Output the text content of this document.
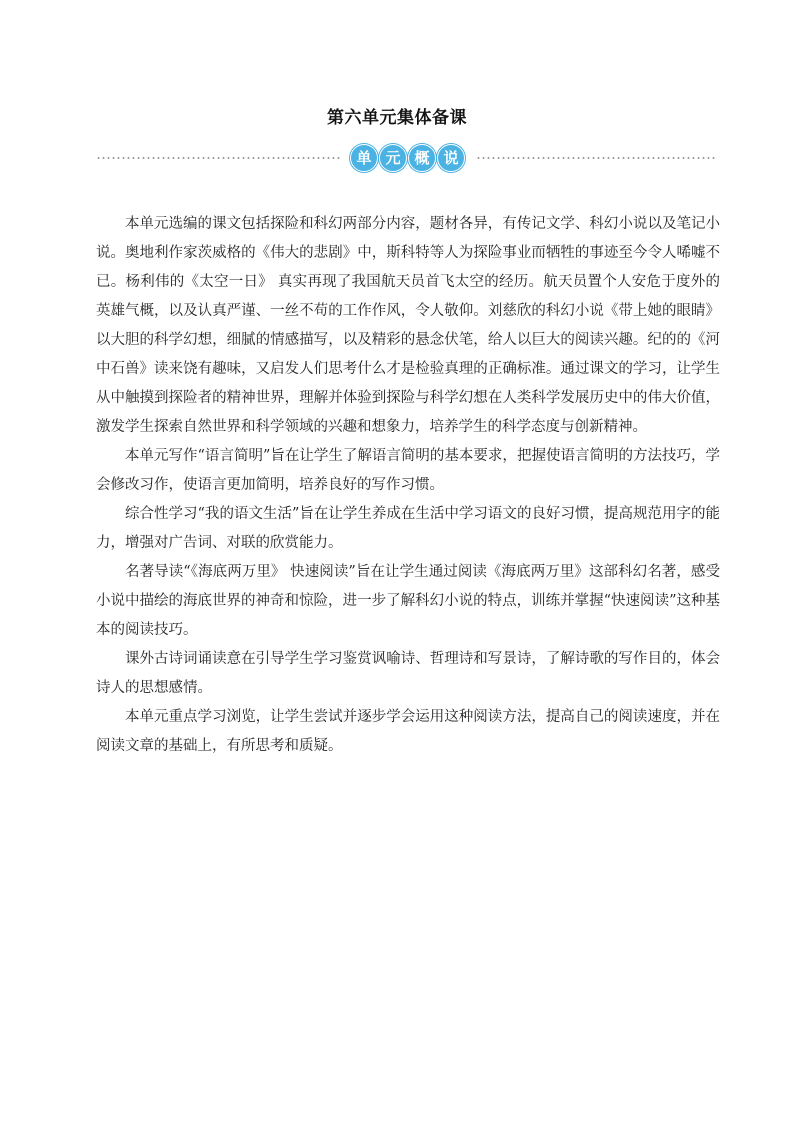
第六单元集体备课
单 元 概 说

本单元选编的课文包括探险和科幻两部分内容，题材各异，有传记文学、科幻小说以及笔记小说。奥地利作家茨威格的《伟大的悲剧》中，斯科特等人为探险事业而牺牲的事迹至今令人唏嘘不已。杨利伟的《太空一日》 真实再现了我国航天员首飞太空的经历。航天员置个人安危于度外的英雄气概，以及认真严谨、一丝不苟的工作作风，令人敬仰。刘慈欣的科幻小说《带上她的眼睛》以大胆的科学幻想，细腻的情感描写，以及精彩的悬念伏笔，给人以巨大的阅读兴趣。纪的的《河中石兽》读来饶有趣味，又启发人们思考什么才是检验真理的正确标准。通过课文的学习，让学生从中触摸到探险者的精神世界，理解并体验到探险与科学幻想在人类科学发展历史中的伟大价值，激发学生探索自然世界和科学领域的兴趣和想象力，培养学生的科学态度与创新精神。

本单元写作“语言简明”旨在让学生了解语言简明的基本要求，把握使语言简明的方法技巧，学会修改习作，使语言更加简明，培养良好的写作习惯。

综合性学习“我的语文生活”旨在让学生养成在生活中学习语文的良好习惯，提高规范用字的能力，增强对广告词、对联的欣赏能力。

名著导读“《海底两万里》 快速阅读”旨在让学生通过阅读《海底两万里》这部科幻名著，感受小说中描绘的海底世界的神奇和惊险，进一步了解科幻小说的特点，训练并掌握“快速阅读”这种基本的阅读技巧。

课外古诗词诵读意在引导学生学习鉴赏讽喻诗、哲理诗和写景诗，了解诗歌的写作目的，体会诗人的思想感情。

本单元重点学习浏览，让学生尝试并逐步学会运用这种阅读方法，提高自己的阅读速度，并在阅读文章的基础上，有所思考和质疑。
